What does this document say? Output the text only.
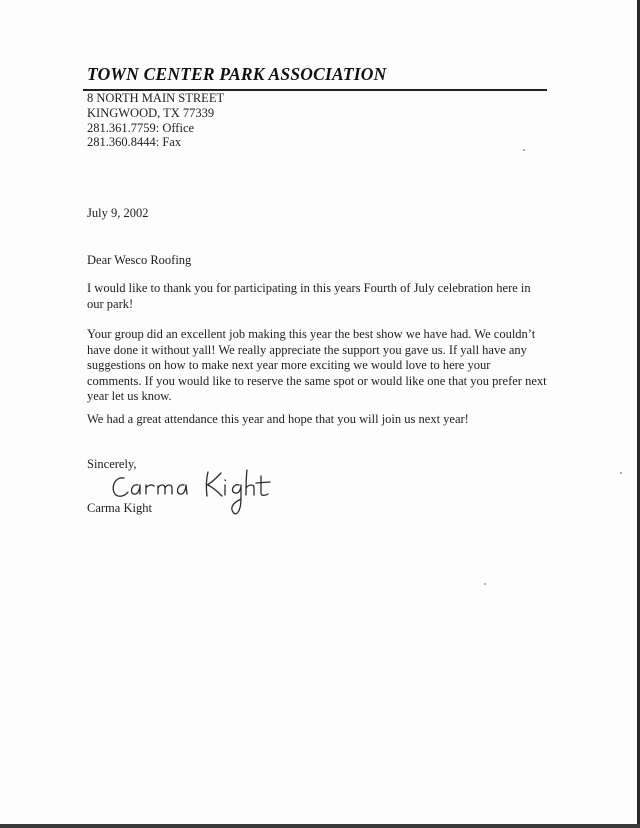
TOWN CENTER PARK ASSOCIATION
8 NORTH MAIN STREET
KINGWOOD, TX 77339
281.361.7759: Office
281.360.8444: Fax
July 9, 2002
Dear Wesco Roofing
I would like to thank you for participating in this years Fourth of July celebration here in our park!
Your group did an excellent job making this year the best show we have had. We couldn’t have done it without yall! We really appreciate the support you gave us. If yall have any suggestions on how to make next year more exciting we would love to here your comments. If you would like to reserve the same spot or would like one that you prefer next year let us know.
We had a great attendance this year and hope that you will join us next year!
Sincerely,
Carma Kight
